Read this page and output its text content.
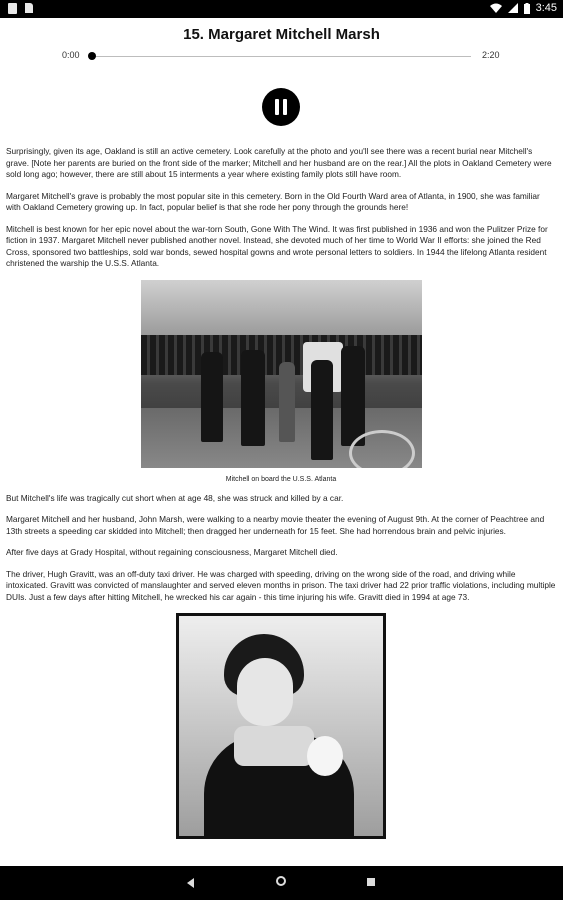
3:45
15. Margaret Mitchell Marsh
0:00	2:20

Surprisingly, given its age, Oakland is still an active cemetery. Look carefully at the photo and you'll see there was a recent burial near Mitchell's grave. [Note her parents are buried on the front side of the marker; Mitchell and her husband are on the rear.] All the plots in Oakland Cemetery were sold long ago; however, there are still about 15 interments a year where existing family plots still have room.

Margaret Mitchell's grave is probably the most popular site in this cemetery. Born in the Old Fourth Ward area of Atlanta, in 1900, she was familiar with Oakland Cemetery growing up. In fact, popular belief is that she rode her pony through the grounds here!

Mitchell is best known for her epic novel about the war-torn South, Gone With The Wind. It was first published in 1936 and won the Pulitzer Prize for fiction in 1937. Margaret Mitchell never published another novel. Instead, she devoted much of her time to World War II efforts: she joined the Red Cross, sponsored two battleships, sold war bonds, sewed hospital gowns and wrote personal letters to soldiers. In 1944 the lifelong Atlanta resident christened the warship the U.S.S. Atlanta.

Mitchell on board the U.S.S. Atlanta

But Mitchell's life was tragically cut short when at age 48, she was struck and killed by a car.

Margaret Mitchell and her husband, John Marsh, were walking to a nearby movie theater the evening of August 9th. At the corner of Peachtree and 13th streets a speeding car skidded into Mitchell; then dragged her underneath for 15 feet. She had horrendous brain and pelvic injuries.

After five days at Grady Hospital, without regaining consciousness, Margaret Mitchell died.

The driver, Hugh Gravitt, was an off-duty taxi driver. He was charged with speeding, driving on the wrong side of the road, and driving while intoxicated. Gravitt was convicted of manslaughter and served eleven months in prison. The taxi driver had 22 prior traffic violations, including multiple DUIs. Just a few days after hitting Mitchell, he wrecked his car again - this time injuring his wife. Gravitt died in 1994 at age 73.
